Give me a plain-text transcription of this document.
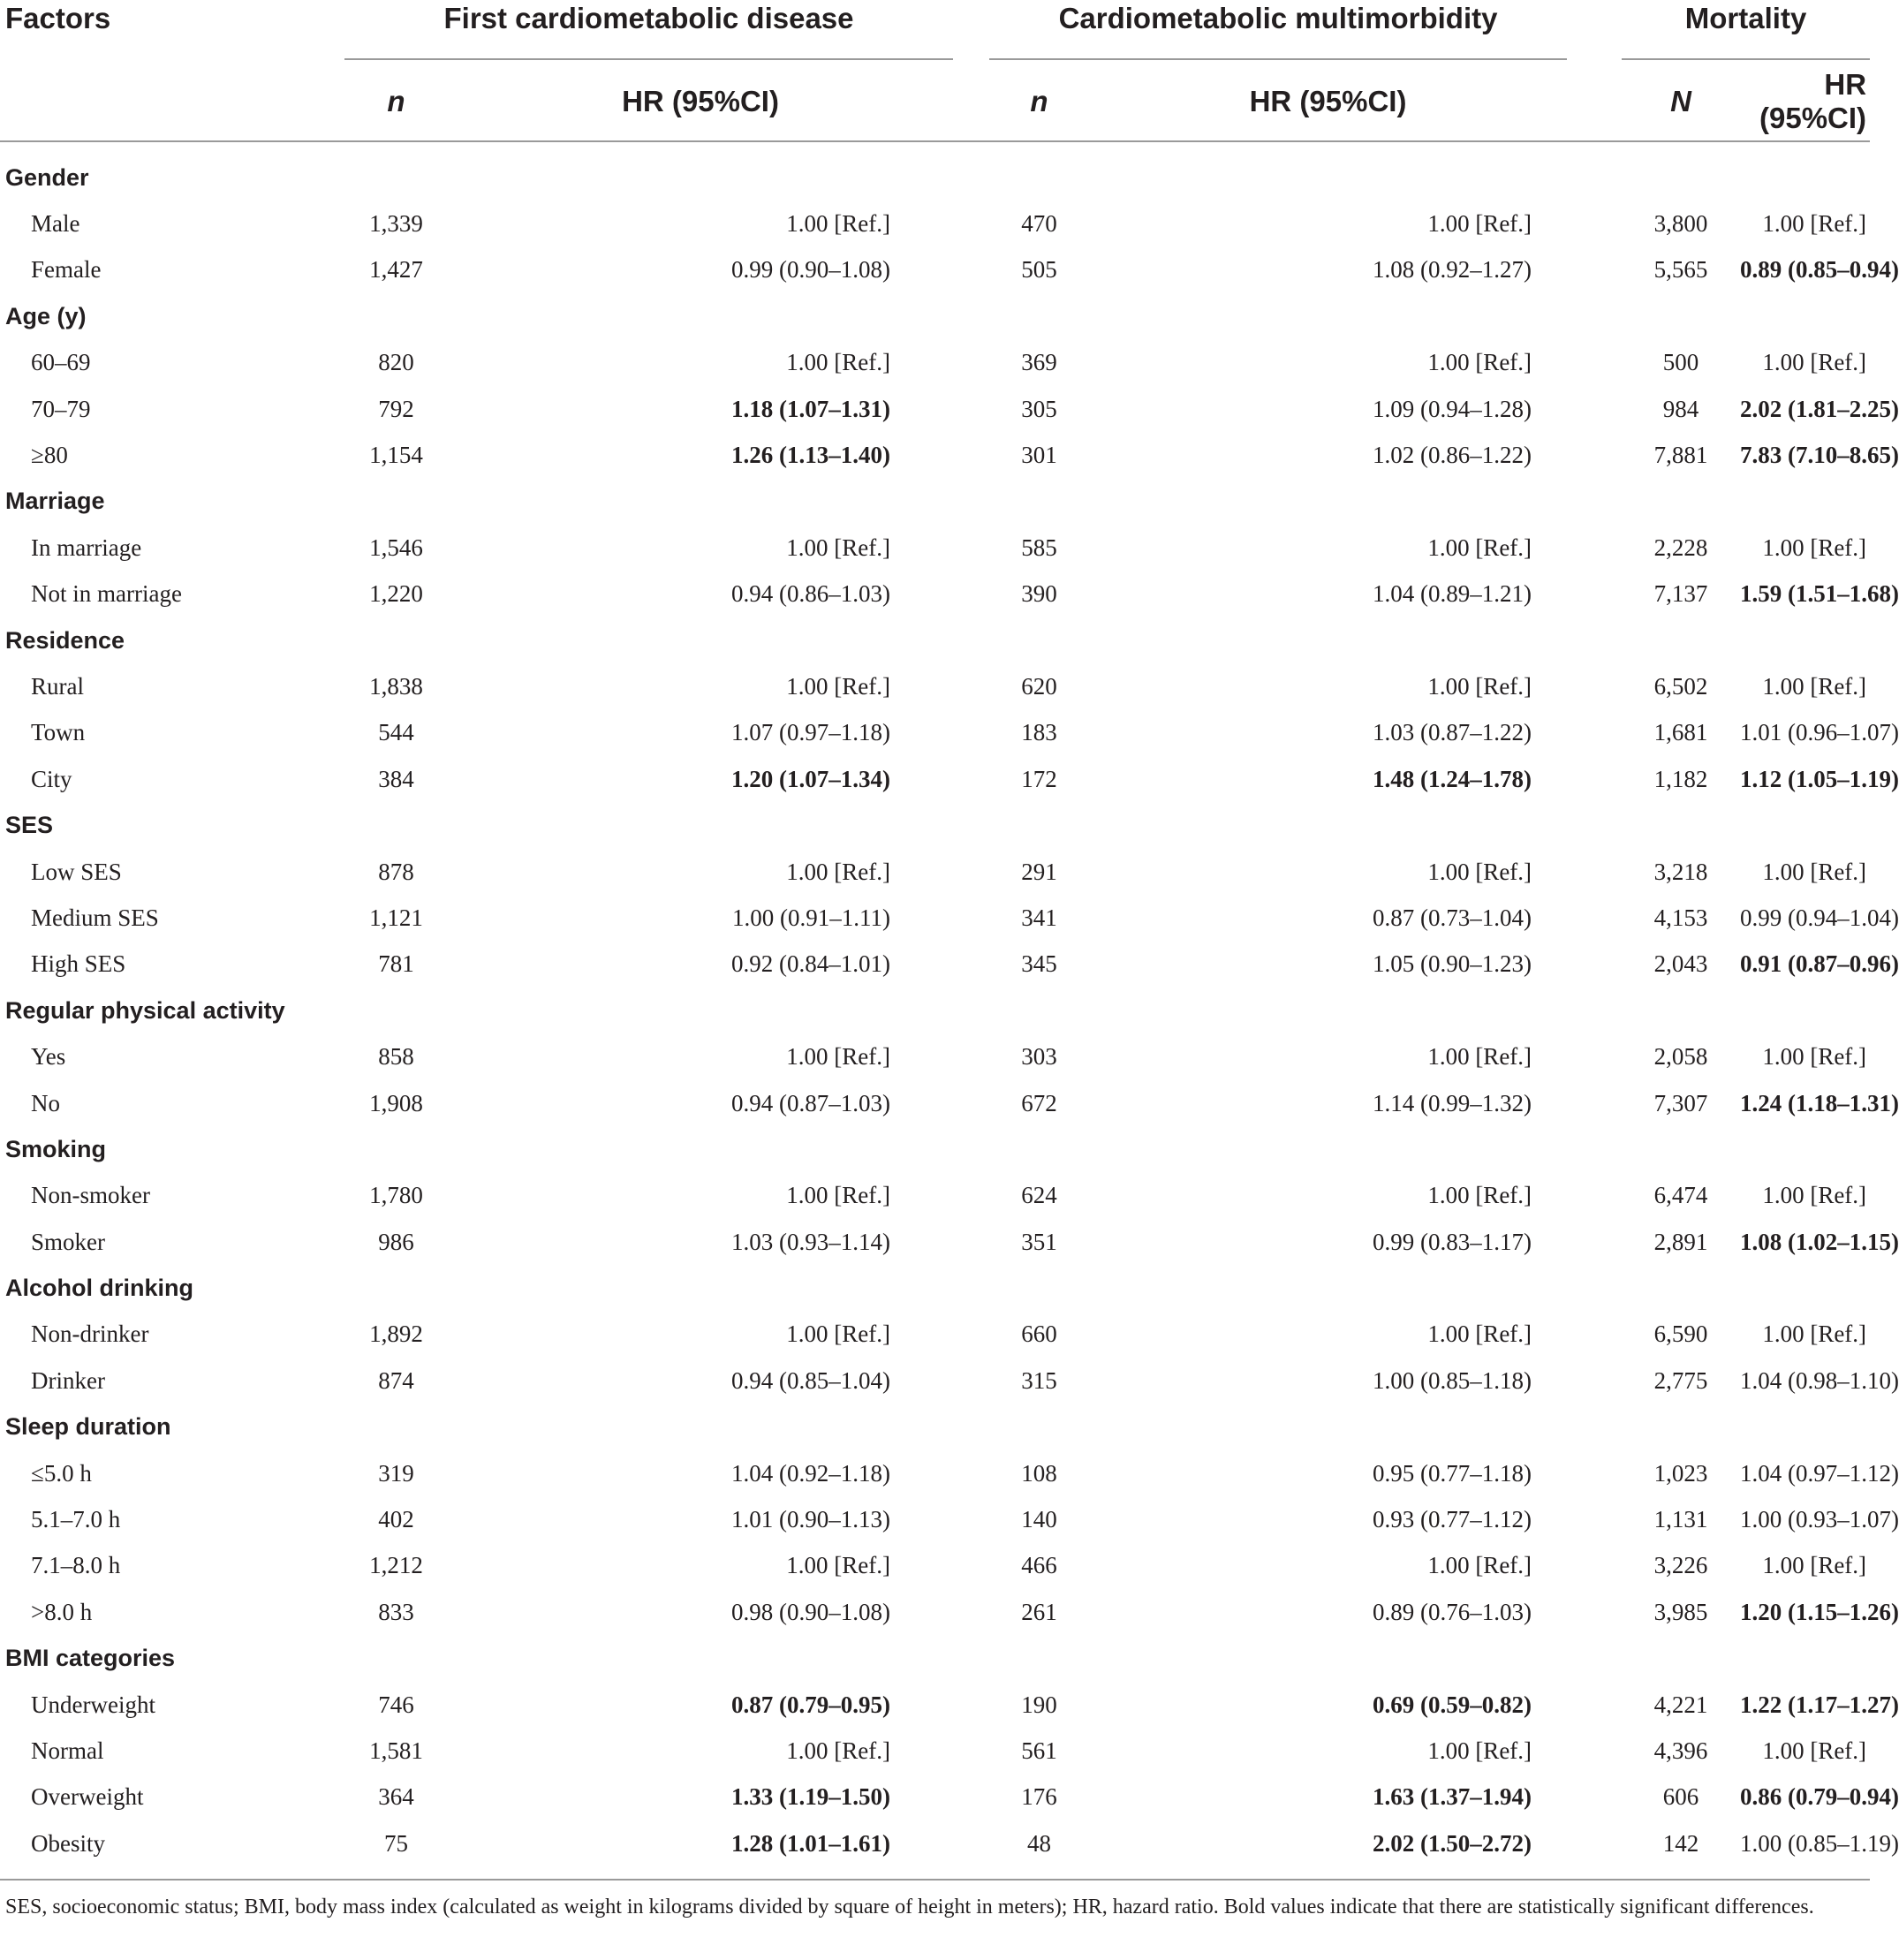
Factors	First cardiometabolic disease			Cardiometabolic multimorbidity			Mortality	

	n	HR (95%CI)		n	HR (95%CI)		N	HR (95%CI)
Gender								
Male	1,339	1.00 [Ref.]		470	1.00 [Ref.]		3,800	1.00 [Ref.]
Female	1,427	0.99 (0.90–1.08)		505	1.08 (0.92–1.27)		5,565	0.89 (0.85–0.94)
Age (y)								
60–69	820	1.00 [Ref.]		369	1.00 [Ref.]		500	1.00 [Ref.]
70–79	792	1.18 (1.07–1.31)		305	1.09 (0.94–1.28)		984	2.02 (1.81–2.25)
≥80	1,154	1.26 (1.13–1.40)		301	1.02 (0.86–1.22)		7,881	7.83 (7.10–8.65)
Marriage								
In marriage	1,546	1.00 [Ref.]		585	1.00 [Ref.]		2,228	1.00 [Ref.]
Not in marriage	1,220	0.94 (0.86–1.03)		390	1.04 (0.89–1.21)		7,137	1.59 (1.51–1.68)
Residence								
Rural	1,838	1.00 [Ref.]		620	1.00 [Ref.]		6,502	1.00 [Ref.]
Town	544	1.07 (0.97–1.18)		183	1.03 (0.87–1.22)		1,681	1.01 (0.96–1.07)
City	384	1.20 (1.07–1.34)		172	1.48 (1.24–1.78)		1,182	1.12 (1.05–1.19)
SES								
Low SES	878	1.00 [Ref.]		291	1.00 [Ref.]		3,218	1.00 [Ref.]
Medium SES	1,121	1.00 (0.91–1.11)		341	0.87 (0.73–1.04)		4,153	0.99 (0.94–1.04)
High SES	781	0.92 (0.84–1.01)		345	1.05 (0.90–1.23)		2,043	0.91 (0.87–0.96)
Regular physical activity								
Yes	858	1.00 [Ref.]		303	1.00 [Ref.]		2,058	1.00 [Ref.]
No	1,908	0.94 (0.87–1.03)		672	1.14 (0.99–1.32)		7,307	1.24 (1.18–1.31)
Smoking								
Non-smoker	1,780	1.00 [Ref.]		624	1.00 [Ref.]		6,474	1.00 [Ref.]
Smoker	986	1.03 (0.93–1.14)		351	0.99 (0.83–1.17)		2,891	1.08 (1.02–1.15)
Alcohol drinking								
Non-drinker	1,892	1.00 [Ref.]		660	1.00 [Ref.]		6,590	1.00 [Ref.]
Drinker	874	0.94 (0.85–1.04)		315	1.00 (0.85–1.18)		2,775	1.04 (0.98–1.10)
Sleep duration								
≤5.0 h	319	1.04 (0.92–1.18)		108	0.95 (0.77–1.18)		1,023	1.04 (0.97–1.12)
5.1–7.0 h	402	1.01 (0.90–1.13)		140	0.93 (0.77–1.12)		1,131	1.00 (0.93–1.07)
7.1–8.0 h	1,212	1.00 [Ref.]		466	1.00 [Ref.]		3,226	1.00 [Ref.]
>8.0 h	833	0.98 (0.90–1.08)		261	0.89 (0.76–1.03)		3,985	1.20 (1.15–1.26)
BMI categories								
Underweight	746	0.87 (0.79–0.95)		190	0.69 (0.59–0.82)		4,221	1.22 (1.17–1.27)
Normal	1,581	1.00 [Ref.]		561	1.00 [Ref.]		4,396	1.00 [Ref.]
Overweight	364	1.33 (1.19–1.50)		176	1.63 (1.37–1.94)		606	0.86 (0.79–0.94)
Obesity	75	1.28 (1.01–1.61)		48	2.02 (1.50–2.72)		142	1.00 (0.85–1.19)
SES, socioeconomic status; BMI, body mass index (calculated as weight in kilograms divided by square of height in meters); HR, hazard ratio. Bold values indicate that there are statistically significant differences.
